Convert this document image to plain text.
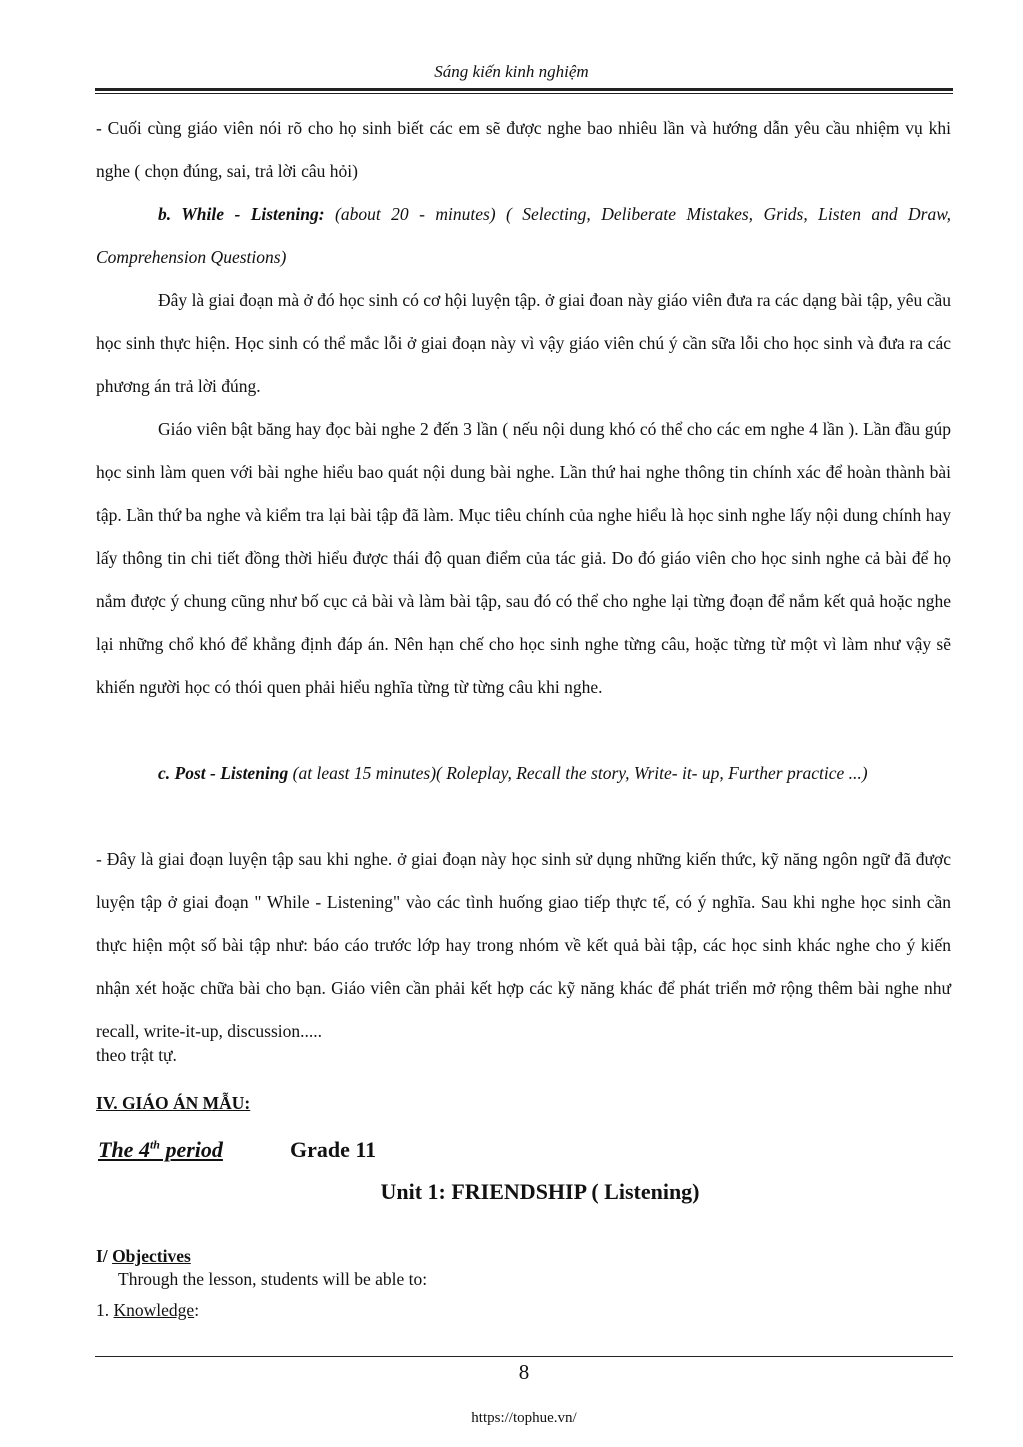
Sáng kiến kinh nghiệm
- Cuối cùng giáo viên nói rõ cho họ sinh biết các em sẽ được nghe bao nhiêu lần và hướng dẫn yêu cầu nhiệm vụ khi nghe ( chọn đúng, sai, trả lời câu hỏi)
b. While - Listening: (about 20 - minutes) ( Selecting, Deliberate Mistakes, Grids, Listen and Draw, Comprehension Questions)
Đây là giai đoạn mà ở đó học sinh có cơ hội luyện tập. ở giai đoan này giáo viên đưa ra các dạng bài tập, yêu cầu học sinh thực hiện. Học sinh có thể mắc lỗi ở giai đoạn này vì vậy giáo viên chú ý cần sữa lỗi cho học sinh và đưa ra các phương án trả lời đúng.
Giáo viên bật băng hay đọc bài nghe 2 đến 3 lần ( nếu nội dung khó có thể cho các em nghe 4 lần ). Lần đầu gúp học sinh làm quen với bài nghe hiểu bao quát nội dung bài nghe. Lần thứ hai nghe thông tin chính xác để hoàn thành bài tập. Lần thứ ba nghe và kiểm tra lại bài tập đã làm. Mục tiêu chính của nghe hiểu là học sinh nghe lấy nội dung chính hay lấy thông tin chi tiết đồng thời hiểu được thái độ quan điểm của tác giả. Do đó giáo viên cho học sinh nghe cả bài để họ nắm được ý chung cũng như bố cục cả bài và làm bài tập, sau đó có thể cho nghe lại từng đoạn để nắm kết quả hoặc nghe lại những chổ khó để khẳng định đáp án. Nên hạn chế cho học sinh nghe từng câu, hoặc từng từ một vì làm như vậy sẽ khiến người học có thói quen phải hiểu nghĩa từng từ từng câu khi nghe.
c. Post - Listening (at least 15 minutes)( Roleplay, Recall the story, Write- it- up, Further practice ...)
- Đây là giai đoạn luyện tập sau khi nghe. ở giai đoạn này học sinh sử dụng những kiến thức, kỹ năng ngôn ngữ đã được luyện tập ở giai đoạn " While - Listening" vào các tình huống giao tiếp thực tế, có ý nghĩa. Sau khi nghe học sinh cần thực hiện một số bài tập như: báo cáo trước lớp hay trong nhóm về kết quả bài tập, các học sinh khác nghe cho ý kiến nhận xét hoặc chữa bài cho bạn. Giáo viên cần phải kết hợp các kỹ năng khác để phát triển mở rộng thêm bài nghe như recall, write-it-up, discussion.....
theo trật tự.
IV. GIÁO ÁN MẪU:
The 4th period	Grade 11
Unit 1: FRIENDSHIP ( Listening)
I/ Objectives
Through the lesson, students will be able to:
1. Knowledge:
8
https://tophue.vn/
